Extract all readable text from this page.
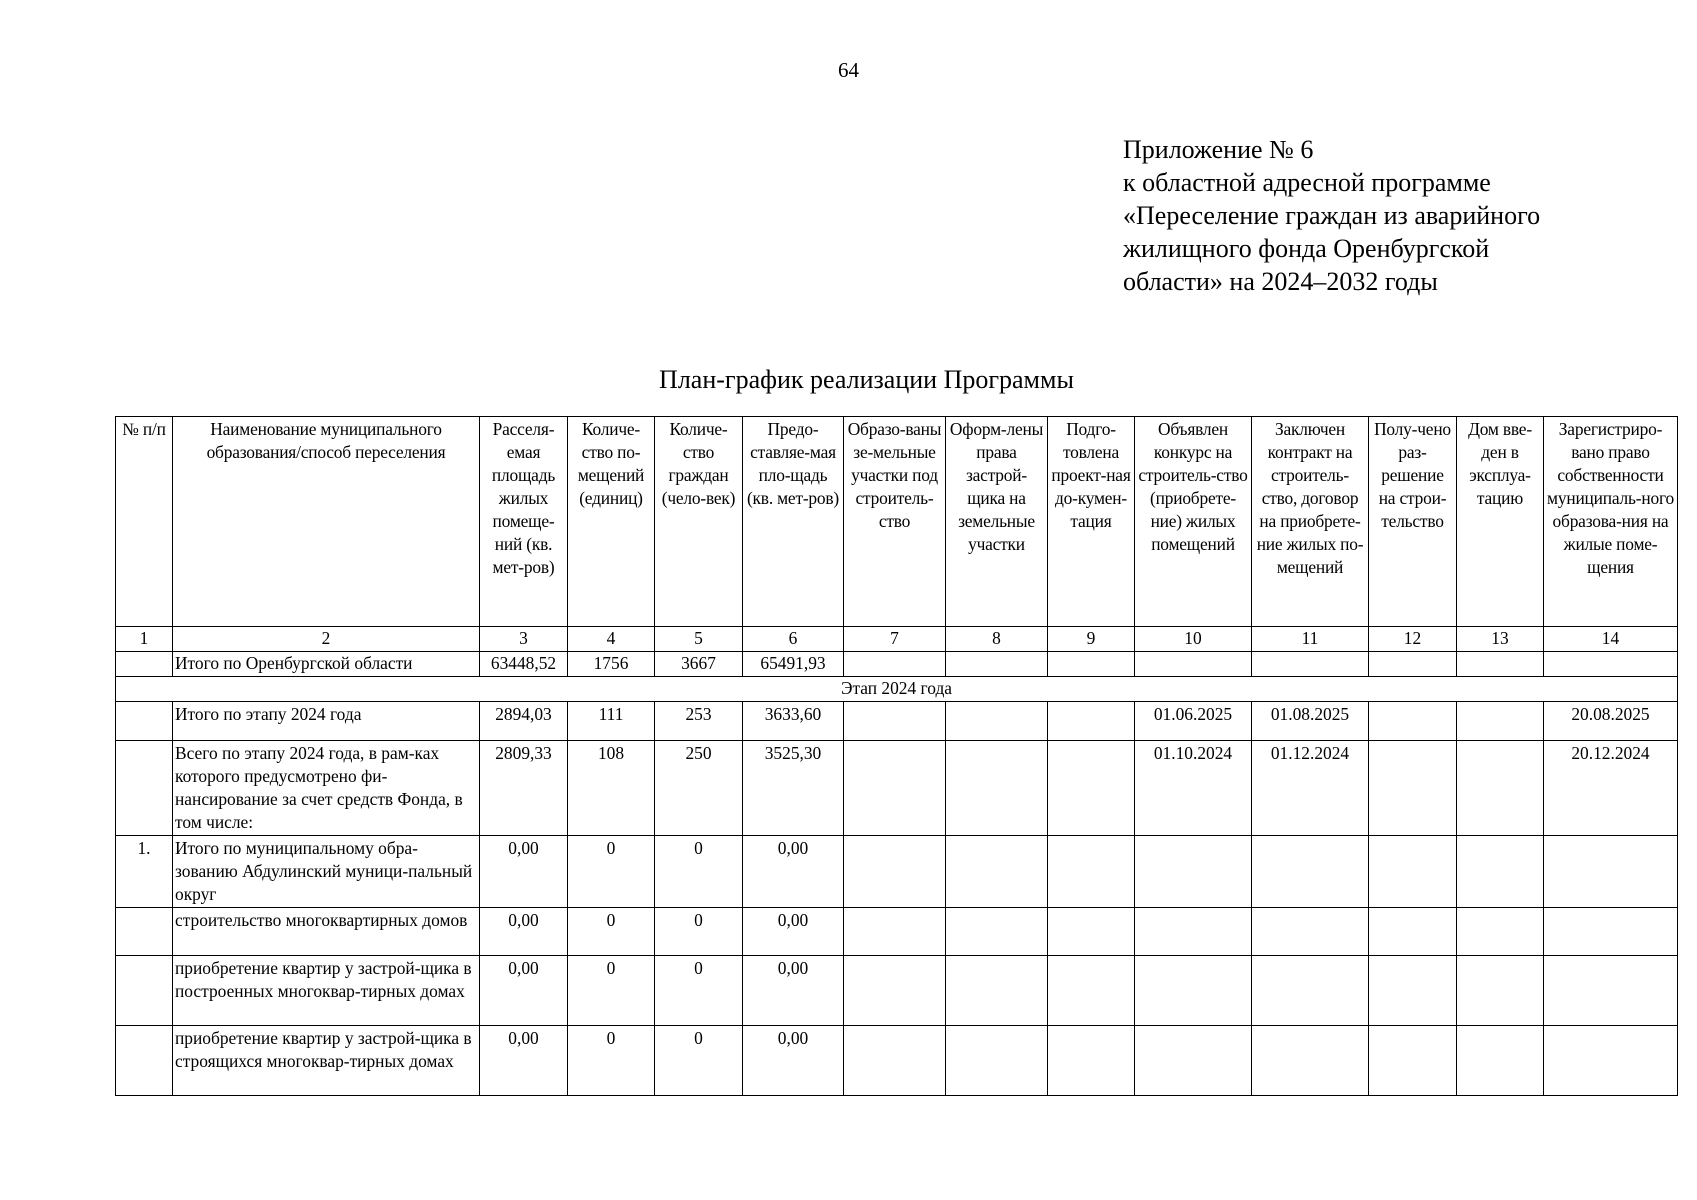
64
Приложение № 6
к областной адресной программе
«Переселение граждан из аварийного
жилищного фонда Оренбургской
области» на 2024–2032 годы
План-график реализации Программы
№ п/п	Наименование муниципального образования/способ переселения	Расселя-емая площадь жилых помеще-ний (кв. мет-ров)	Количе-ство по-мещений (единиц)	Количе-ство граждан (чело-век)	Предо-ставляе-мая пло-щадь (кв. мет-ров)	Образо-ваны зе-мельные участки под строитель-ство	Оформ-лены права застрой-щика на земельные участки	Подго-товлена проект-ная до-кумен-тация	Объявлен конкурс на строитель-ство (приобрете-ние) жилых помещений	Заключен контракт на строитель-ство, договор на приобрете-ние жилых по-мещений	Полу-чено раз-решение на строи-тельство	Дом вве-ден в эксплуа-тацию	Зарегистриро-вано право собственности муниципаль-ного образова-ния на жилые поме-щения
1	2	3	4	5	6	7	8	9	10	11	12	13	14
	Итого по Оренбургской области	63448,52	1756	3667	65491,93								
Этап 2024 года													
	Итого по этапу 2024 года	2894,03	111	253	3633,60				01.06.2025	01.08.2025			20.08.2025
	Всего по этапу 2024 года, в рам-ках которого предусмотрено фи-нансирование за счет средств Фонда, в том числе:	2809,33	108	250	3525,30				01.10.2024	01.12.2024			20.12.2024
1.	Итого по муниципальному обра-зованию Абдулинский муници-пальный округ	0,00	0	0	0,00								
	строительство многоквартирных домов	0,00	0	0	0,00								
	приобретение квартир у застрой-щика в построенных многоквар-тирных домах	0,00	0	0	0,00								
	приобретение квартир у застрой-щика в строящихся многоквар-тирных домах	0,00	0	0	0,00								
